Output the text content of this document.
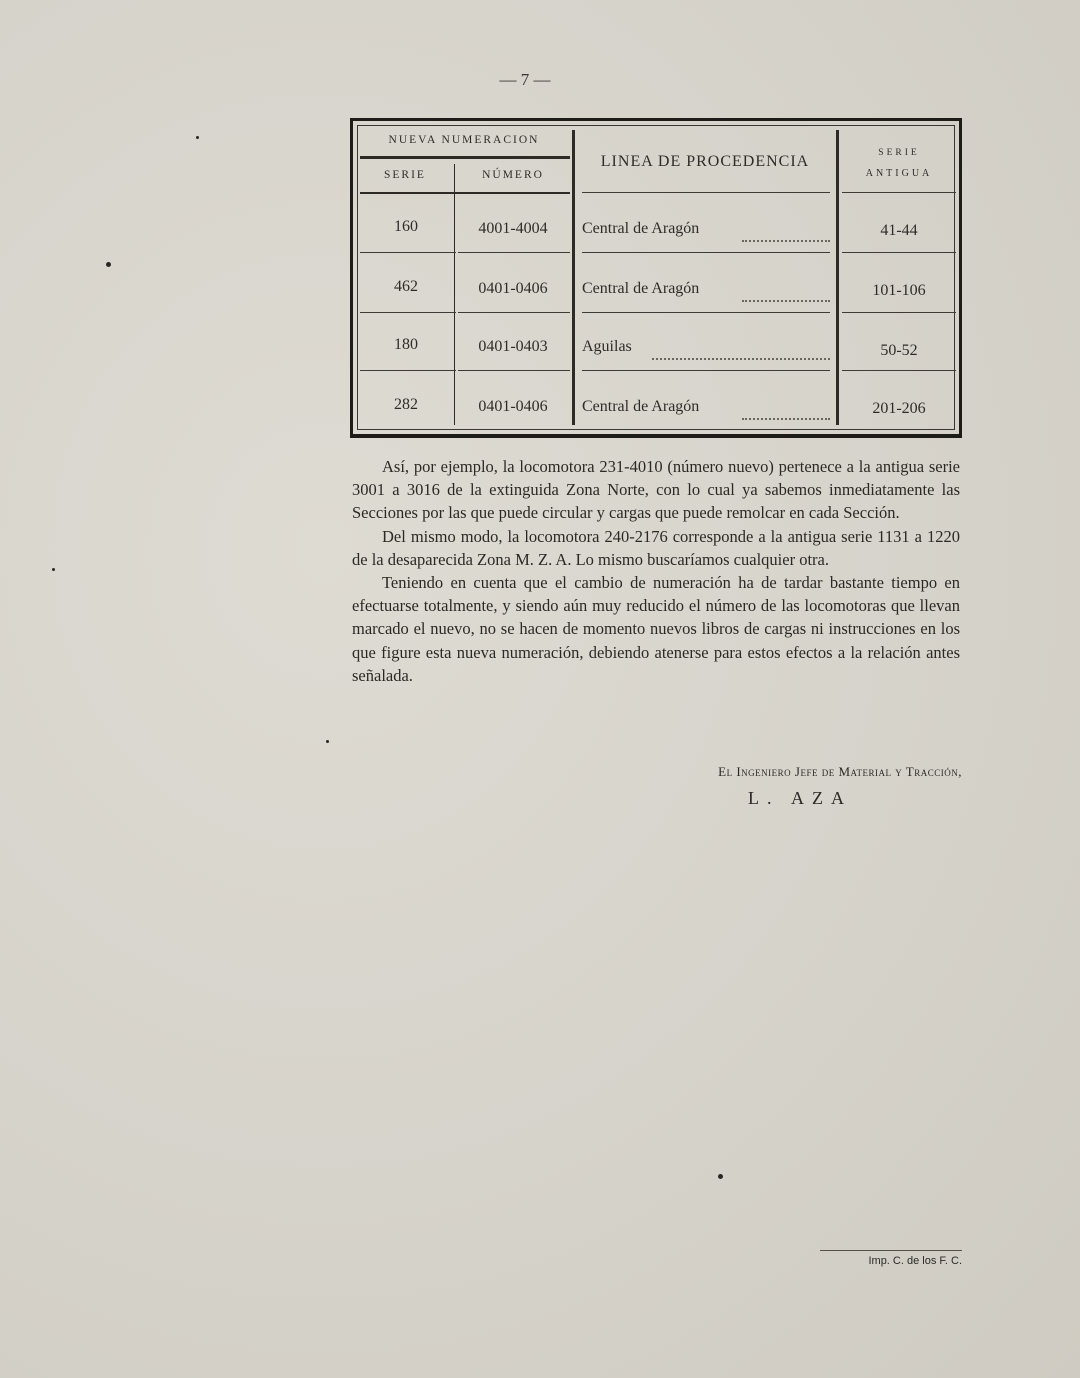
— 7 —
NUEVA NUMERACION
SERIE	NÚMERO
LINEA DE PROCEDENCIA	SERIE
ANTIGUA
160	4001-4004	Central de Aragón	41-44
462	0401-0406	Central de Aragón	101-106
180	0401-0403	Aguilas	50-52
282	0401-0406	Central de Aragón	201-206

Así, por ejemplo, la locomotora 231-4010 (número nuevo) pertenece a la antigua serie 3001 a 3016 de la extinguida Zona Norte, con lo cual ya sabemos inmediatamente las Secciones por las que puede circular y cargas que puede remolcar en cada Sección.

Del mismo modo, la locomotora 240-2176 corresponde a la antigua serie 1131 a 1220 de la desaparecida Zona M. Z. A. Lo mismo buscaríamos cualquier otra.

Teniendo en cuenta que el cambio de numeración ha de tardar bastante tiempo en efectuarse totalmente, y siendo aún muy reducido el número de las locomotoras que llevan marcado el nuevo, no se hacen de momento nuevos libros de cargas ni instrucciones en los que figure esta nueva numeración, debiendo atenerse para estos efectos a la relación antes señalada.

El Ingeniero Jefe de Material y Tracción,
L. AZA
Imp. C. de los F. C.
